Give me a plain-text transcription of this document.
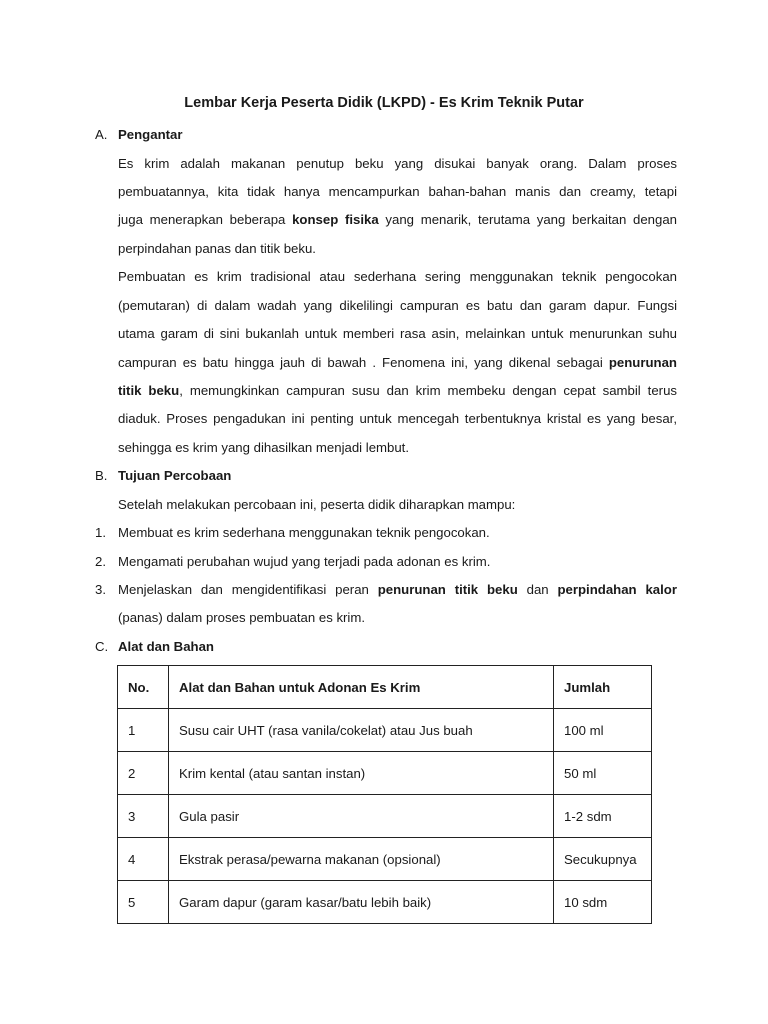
Lembar Kerja Peserta Didik (LKPD) - Es Krim Teknik Putar
A. Pengantar
Es krim adalah makanan penutup beku yang disukai banyak orang. Dalam proses
pembuatannya, kita tidak hanya mencampurkan bahan-bahan manis dan creamy, tetapi
juga menerapkan beberapa konsep fisika yang menarik, terutama yang berkaitan dengan
perpindahan panas dan titik beku.
Pembuatan es krim tradisional atau sederhana sering menggunakan teknik pengocokan
(pemutaran) di dalam wadah yang dikelilingi campuran es batu dan garam dapur. Fungsi
utama garam di sini bukanlah untuk memberi rasa asin, melainkan untuk menurunkan suhu
campuran es batu hingga jauh di bawah . Fenomena ini, yang dikenal sebagai penurunan
titik beku, memungkinkan campuran susu dan krim membeku dengan cepat sambil terus
diaduk. Proses pengadukan ini penting untuk mencegah terbentuknya kristal es yang besar,
sehingga es krim yang dihasilkan menjadi lembut.
B. Tujuan Percobaan
Setelah melakukan percobaan ini, peserta didik diharapkan mampu:
1. Membuat es krim sederhana menggunakan teknik pengocokan.
2. Mengamati perubahan wujud yang terjadi pada adonan es krim.
3. Menjelaskan dan mengidentifikasi peran penurunan titik beku dan perpindahan kalor
(panas) dalam proses pembuatan es krim.
C. Alat dan Bahan
No.	Alat dan Bahan untuk Adonan Es Krim	Jumlah
1	Susu cair UHT (rasa vanila/cokelat) atau Jus buah	100 ml
2	Krim kental (atau santan instan)	50 ml
3	Gula pasir	1-2 sdm
4	Ekstrak perasa/pewarna makanan (opsional)	Secukupnya
5	Garam dapur (garam kasar/batu lebih baik)	10 sdm
